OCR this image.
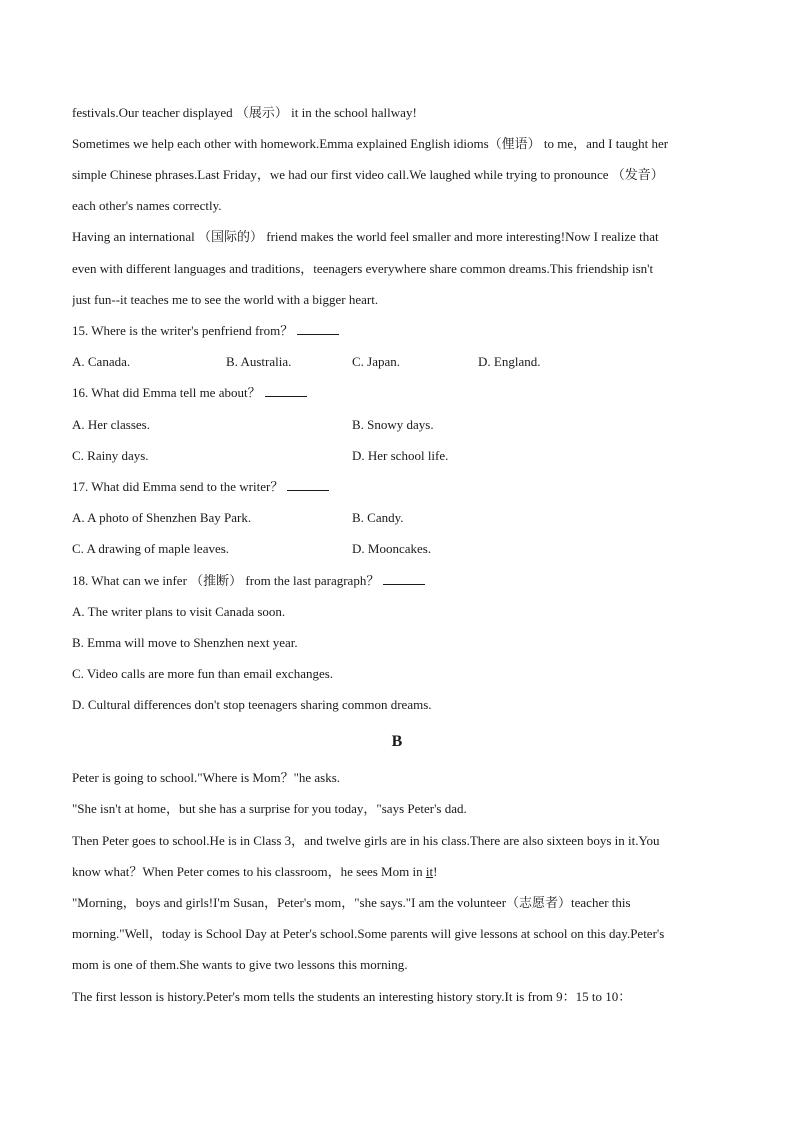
festivals.Our teacher displayed （展示） it in the school hallway!
Sometimes we help each other with homework.Emma explained English idioms（俚语） to me，and I taught her
simple Chinese phrases.Last Friday，we had our first video call.We laughed while trying to pronounce （发音）
each other's names correctly.
Having an international （国际的） friend makes the world feel smaller and more interesting!Now I realize that
even with different languages and traditions，teenagers everywhere share common dreams.This friendship isn't
just fun--it teaches me to see the world with a bigger heart.
15. Where is the writer's penfriend from？
A. Canada.	B. Australia.	C. Japan.	D. England.
16. What did Emma tell me about？
A. Her classes.	B. Snowy days.
C. Rainy days.	D. Her school life.
17. What did Emma send to the writer？
A. A photo of Shenzhen Bay Park.	B. Candy.
C. A drawing of maple leaves.	D. Mooncakes.
18. What can we infer （推断） from the last paragraph？
A. The writer plans to visit Canada soon.
B. Emma will move to Shenzhen next year.
C. Video calls are more fun than email exchanges.
D. Cultural differences don't stop teenagers sharing common dreams.
B
Peter is going to school."Where is Mom？"he asks.
"She isn't at home，but she has a surprise for you today，"says Peter's dad.
Then Peter goes to school.He is in Class 3，and twelve girls are in his class.There are also sixteen boys in it.You
know what？When Peter comes to his classroom，he sees Mom in it!
"Morning，boys and girls!I'm Susan，Peter's mom，"she says."I am the volunteer（志愿者）teacher this
morning."Well，today is School Day at Peter's school.Some parents will give lessons at school on this day.Peter's
mom is one of them.She wants to give two lessons this morning.
The first lesson is history.Peter's mom tells the students an interesting history story.It is from 9：15 to 10：
